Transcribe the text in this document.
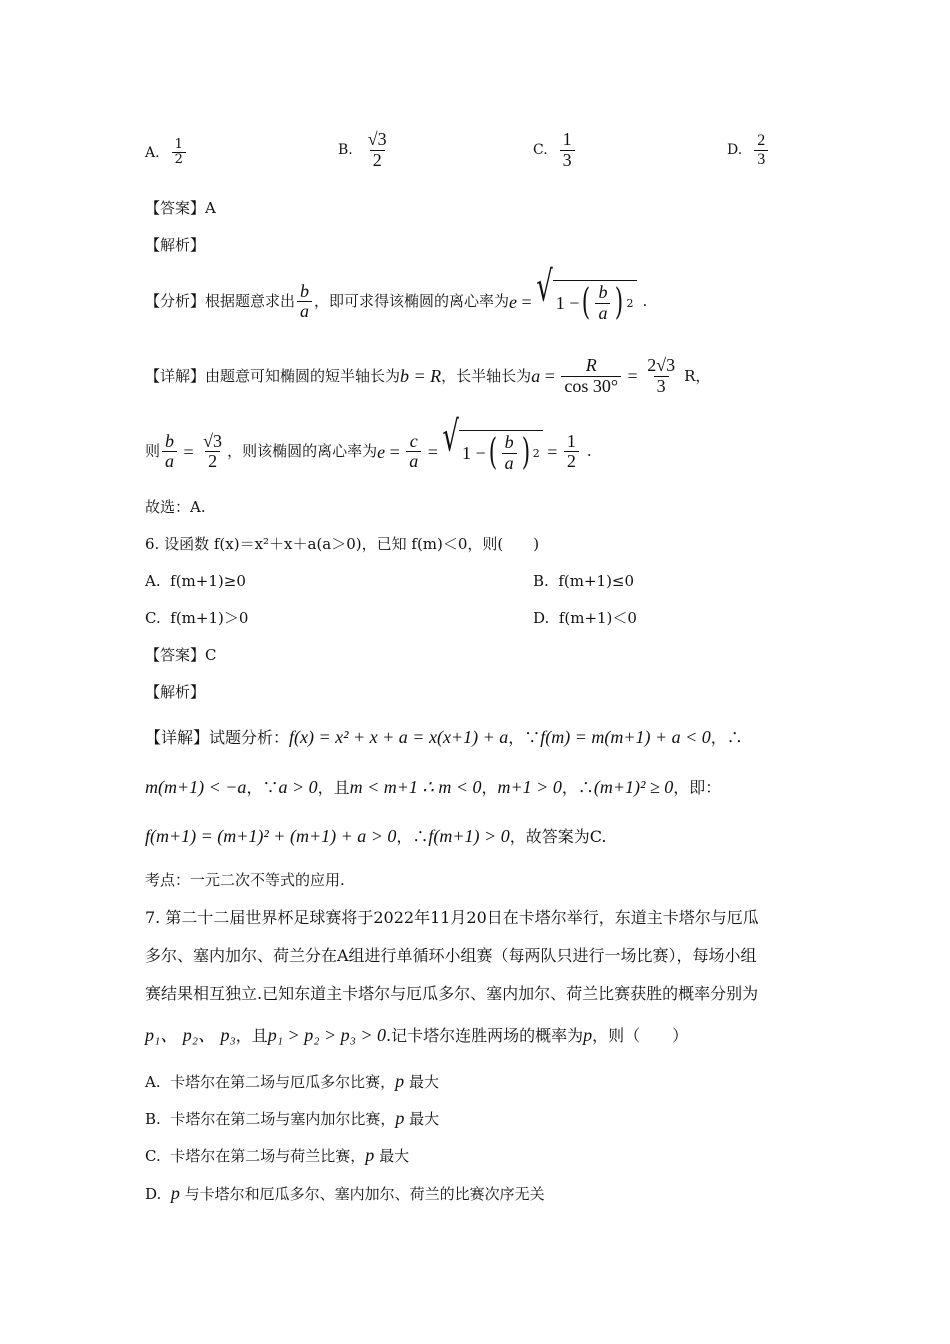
A. $\frac{1}{2}$	B. $\frac{√3}{2}$	C. $\frac{1}{3}$	D. $\frac{2}{3}$
【答案】A
【解析】
【分析】根据题意求出 $\frac{b}{a}$ ，即可求得该椭圆的离心率为 e = √ 1 − ( $\frac{b}{a}$ ) 2 .
【详解】由题意可知椭圆的短半轴长为 b = R ，长半轴长为 $a = \frac{R}{\cos 30^\circ} = \frac{2√3}{3}$ R，
则 $\frac{b}{a} = \frac{√3}{2}$ ，则该椭圆的离心率为 $e = \frac{c}{a}$ = √ 1 − ( $\frac{b}{a}$ ) $2 = \frac{1}{2}$ .
故选：A.
6. 设函数 f(x)＝x²＋x＋a(a＞0)，已知 f(m)＜0，则(　　)
A. f(m+1)≥0	B. f(m+1)≤0
C. f(m+1)＞0	D. f(m+1)＜0
【答案】C
【解析】
【详解】试题分析：f(x) = x² + x + a = x(x+1) + a，∵f(m) = m(m+1) + a < 0，∴
m(m+1) < −a，∵a > 0，且m < m+1 ∴ m < 0，m+1 > 0，∴(m+1)² ≥ 0，即：
f(m+1) = (m+1)² + (m+1) + a > 0，∴f(m+1) > 0，故答案为C.
考点：一元二次不等式的应用.
7. 第二十二届世界杯足球赛将于2022年11月20日在卡塔尔举行，东道主卡塔尔与厄瓜
多尔、塞内加尔、荷兰分在A组进行单循环小组赛（每两队只进行一场比赛），每场小组
赛结果相互独立.已知东道主卡塔尔与厄瓜多尔、塞内加尔、荷兰比赛获胜的概率分别为
p₁、 p₂、 p₃，且p₁ > p₂ > p₃ > 0.记卡塔尔连胜两场的概率为p，则（　　）
A. 卡塔尔在第二场与厄瓜多尔比赛，p 最大
B. 卡塔尔在第二场与塞内加尔比赛，p 最大
C. 卡塔尔在第二场与荷兰比赛，p 最大
D. p 与卡塔尔和厄瓜多尔、塞内加尔、荷兰的比赛次序无关
